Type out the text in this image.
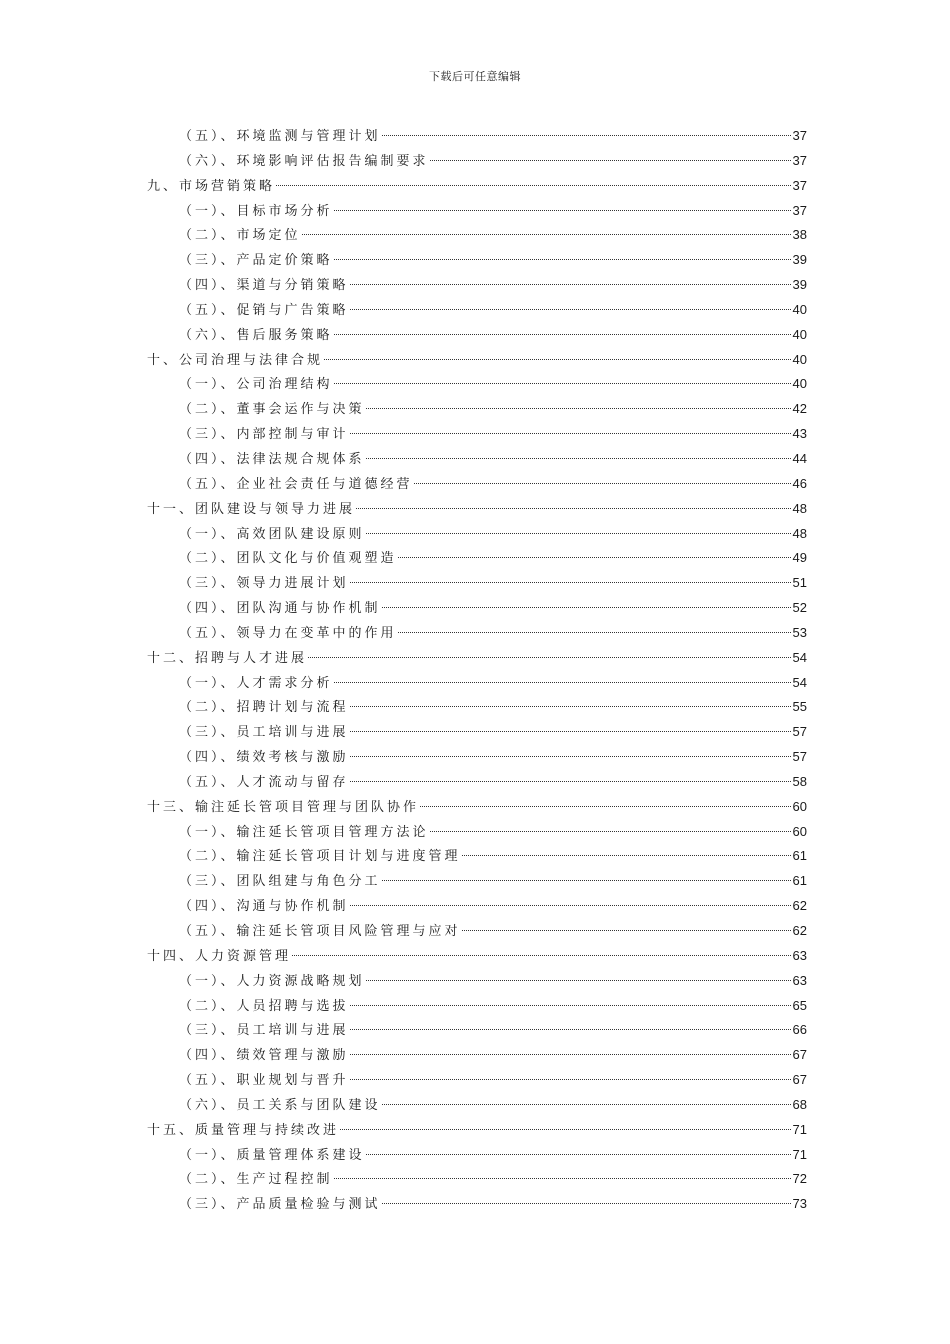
下载后可任意编辑
（五）、环境监测与管理计划	37
（六）、环境影响评估报告编制要求	37
九、市场营销策略	37
（一）、目标市场分析	37
（二）、市场定位	38
（三）、产品定价策略	39
（四）、渠道与分销策略	39
（五）、促销与广告策略	40
（六）、售后服务策略	40
十、公司治理与法律合规	40
（一）、公司治理结构	40
（二）、董事会运作与决策	42
（三）、内部控制与审计	43
（四）、法律法规合规体系	44
（五）、企业社会责任与道德经营	46
十一、团队建设与领导力进展	48
（一）、高效团队建设原则	48
（二）、团队文化与价值观塑造	49
（三）、领导力进展计划	51
（四）、团队沟通与协作机制	52
（五）、领导力在变革中的作用	53
十二、招聘与人才进展	54
（一）、人才需求分析	54
（二）、招聘计划与流程	55
（三）、员工培训与进展	57
（四）、绩效考核与激励	57
（五）、人才流动与留存	58
十三、输注延长管项目管理与团队协作	60
（一）、输注延长管项目管理方法论	60
（二）、输注延长管项目计划与进度管理	61
（三）、团队组建与角色分工	61
（四）、沟通与协作机制	62
（五）、输注延长管项目风险管理与应对	62
十四、人力资源管理	63
（一）、人力资源战略规划	63
（二）、人员招聘与选拔	65
（三）、员工培训与进展	66
（四）、绩效管理与激励	67
（五）、职业规划与晋升	67
（六）、员工关系与团队建设	68
十五、质量管理与持续改进	71
（一）、质量管理体系建设	71
（二）、生产过程控制	72
（三）、产品质量检验与测试	73
